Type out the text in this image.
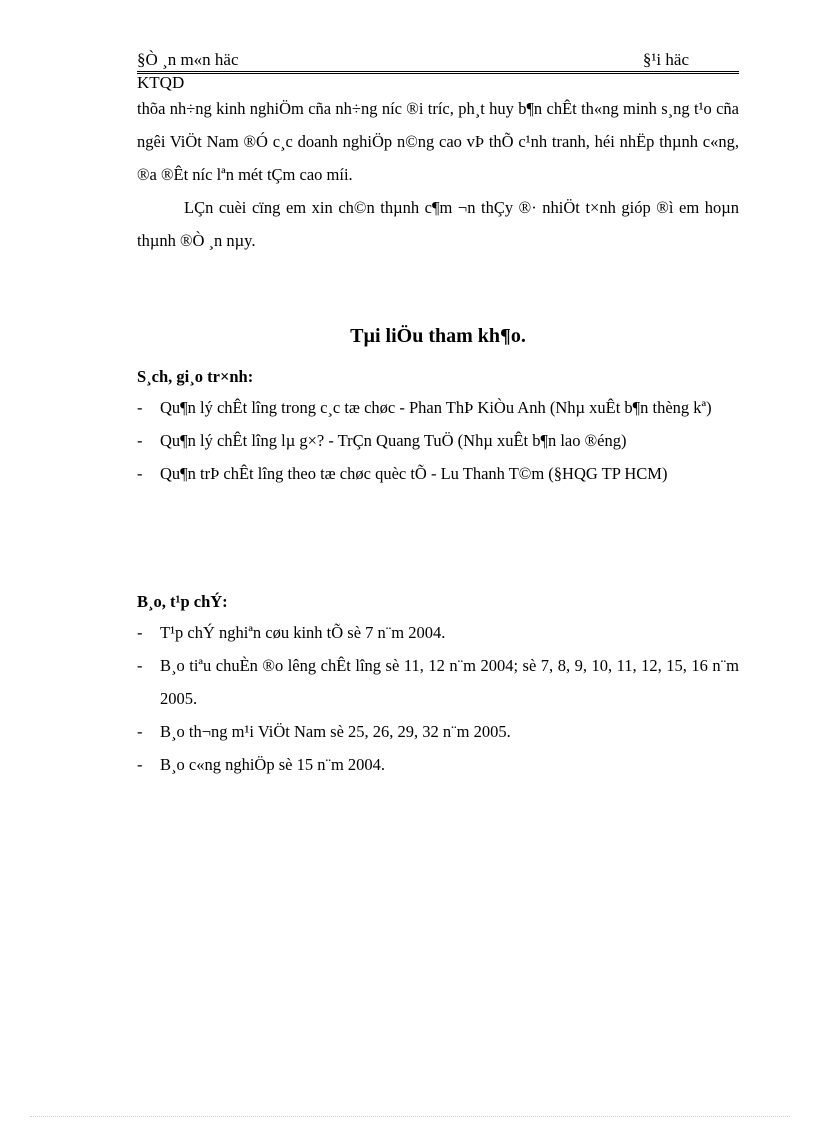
§Ò ¸n m«n häc	§¹i häc
KTQD

thõa nh÷ng kinh nghiÖm cña nh÷ng níc ®i tríc, ph¸t huy b¶n chÊt th«ng minh s¸ng t¹o cña ngêi ViÖt Nam ®Ó c¸c doanh nghiÖp n©ng cao vÞ thÕ c¹nh tranh, héi nhËp thµnh c«ng, ®a ®Êt níc lªn mét tÇm cao míi.

LÇn cuèi cïng em xin ch©n thµnh c¶m ¬n thÇy ®· nhiÖt t×nh gióp ®ì em hoµn thµnh ®Ò ¸n nµy.

Tµi liÖu tham kh¶o.
S¸ch, gi¸o tr×nh:
-	Qu¶n lý chÊt lîng trong c¸c tæ chøc - Phan ThÞ KiÒu Anh (Nhµ xuÊt b¶n thèng kª)
-	Qu¶n lý chÊt lîng lµ g×? - TrÇn Quang TuÖ (Nhµ xuÊt b¶n lao ®éng)
-	Qu¶n trÞ chÊt lîng theo tæ chøc quèc tÕ - Lu Thanh T©m (§HQG TP HCM)
B¸o, t¹p chÝ:
-	T¹p chÝ nghiªn cøu kinh tÕ sè 7 n¨m 2004.
-	B¸o tiªu chuÈn ®o lêng chÊt lîng sè 11, 12 n¨m 2004; sè 7, 8, 9, 10, 11, 12, 15, 16 n¨m 2005.
-	B¸o th¬ng m¹i ViÖt Nam sè 25, 26, 29, 32 n¨m 2005.
-	B¸o c«ng nghiÖp sè 15 n¨m 2004.
